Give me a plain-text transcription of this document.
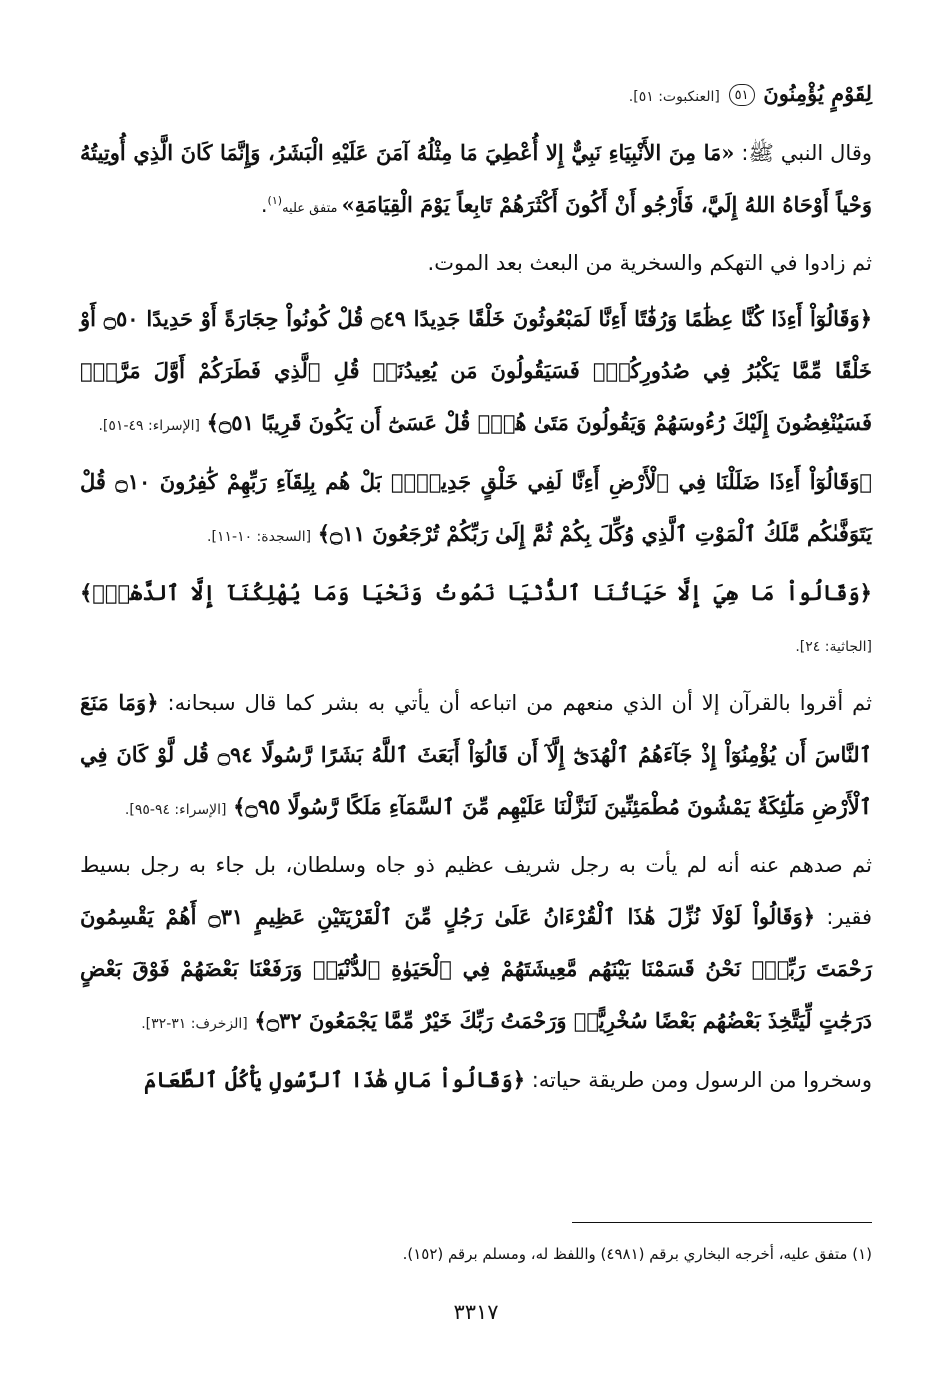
لِقَوْمٍ يُؤْمِنُونَ ٥١ [العنكبوت: ٥١].

وقال النبي ﷺ: «مَا مِنَ الأَنْبِيَاءِ نَبِيٌّ إِلا أُعْطِيَ مَا مِثْلُهُ آمَنَ عَلَيْهِ الْبَشَرُ، وَإِنَّمَا كَانَ الَّذِي أُوتِيتُهُ وَحْياً أَوْحَاهُ اللهُ إِلَيَّ، فَأَرْجُو أَنْ أَكُونَ أَكْثَرَهُمْ تَابِعاً يَوْمَ الْقِيَامَةِ» متفق عليه$^{(١)}$.

ثم زادوا في التهكم والسخرية من البعث بعد الموت.

﴿وَقَالُوٓاْ أَءِذَا كُنَّا عِظَٰمًا وَرُفَٰتًا أَءِنَّا لَمَبْعُوثُونَ خَلْقًا جَدِيدًا ۝٤٩ قُلْ كُونُواْ حِجَارَةً أَوْ حَدِيدًا ۝٥٠ أَوْ خَلْقًا مِّمَّا يَكْبُرُ فِي صُدُورِكُمْۚ فَسَيَقُولُونَ مَن يُعِيدُنَاۖ قُلِ ٱلَّذِي فَطَرَكُمْ أَوَّلَ مَرَّةٍۚ فَسَيُنْغِضُونَ إِلَيْكَ رُءُوسَهُمْ وَيَقُولُونَ مَتَىٰ هُوَۖ قُلْ عَسَىٰٓ أَن يَكُونَ قَرِيبًا ۝٥١﴾ [الإسراء: ٤٩-٥١].

﴿وَقَالُوٓاْ أَءِذَا ضَلَلْنَا فِي ٱلْأَرْضِ أَءِنَّا لَفِي خَلْقٍ جَدِيدٍۭۚ بَلْ هُم بِلِقَآءِ رَبِّهِمْ كَٰفِرُونَ ۝١٠ قُلْ يَتَوَفَّىٰكُم مَّلَكُ ٱلْمَوْتِ ٱلَّذِي وُكِّلَ بِكُمْ ثُمَّ إِلَىٰ رَبِّكُمْ تُرْجَعُونَ ۝١١﴾ [السجدة: ١٠-١١].

﴿وَقَالُواْ مَا هِيَ إِلَّا حَيَاتُنَا ٱلدُّنْيَا نَمُوتُ وَنَحْيَا وَمَا يُهْلِكُنَآ إِلَّا ٱلدَّهْرُۚ﴾ [الجاثية: ٢٤].

ثم أقروا بالقرآن إلا أن الذي منعهم من اتباعه أن يأتي به بشر كما قال سبحانه: ﴿وَمَا مَنَعَ ٱلنَّاسَ أَن يُؤْمِنُوٓاْ إِذْ جَآءَهُمُ ٱلْهُدَىٰٓ إِلَّآ أَن قَالُوٓاْ أَبَعَثَ ٱللَّهُ بَشَرًا رَّسُولًا ۝٩٤ قُل لَّوْ كَانَ فِي ٱلْأَرْضِ مَلَٰٓئِكَةٌ يَمْشُونَ مُطْمَئِنِّينَ لَنَزَّلْنَا عَلَيْهِم مِّنَ ٱلسَّمَآءِ مَلَكًا رَّسُولًا ۝٩٥﴾ [الإسراء: ٩٤-٩٥].

ثم صدهم عنه أنه لم يأت به رجل شريف عظيم ذو جاه وسلطان، بل جاء به رجل بسيط فقير: ﴿وَقَالُواْ لَوْلَا نُزِّلَ هَٰذَا ٱلْقُرْءَانُ عَلَىٰ رَجُلٍ مِّنَ ٱلْقَرْيَتَيْنِ عَظِيمٍ ۝٣١ أَهُمْ يَقْسِمُونَ رَحْمَتَ رَبِّكَۚ نَحْنُ قَسَمْنَا بَيْنَهُم مَّعِيشَتَهُمْ فِي ٱلْحَيَوٰةِ ٱلدُّنْيَاۚ وَرَفَعْنَا بَعْضَهُمْ فَوْقَ بَعْضٍ دَرَجَٰتٍ لِّيَتَّخِذَ بَعْضُهُم بَعْضًا سُخْرِيًّاۗ وَرَحْمَتُ رَبِّكَ خَيْرٌ مِّمَّا يَجْمَعُونَ ۝٣٢﴾ [الزخرف: ٣١-٣٢].

وسخروا من الرسول ومن طريقة حياته: ﴿وَقَالُواْ مَالِ هَٰذَا ٱلرَّسُولِ يَأْكُلُ ٱلطَّعَامَ

(١) متفق عليه، أخرجه البخاري برقم (٤٩٨١) واللفظ له، ومسلم برقم (١٥٢).
٣٣١٧
